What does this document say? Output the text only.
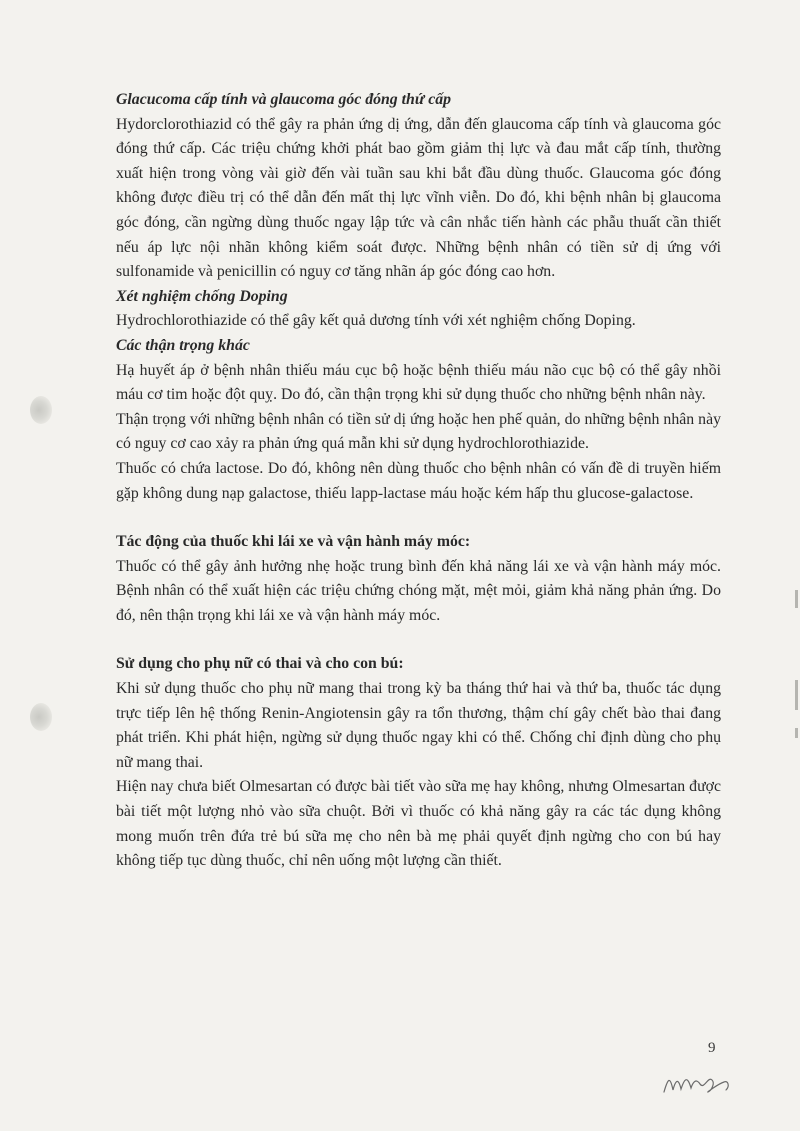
Glacucoma cấp tính và glaucoma góc đóng thứ cấp

Hydorclorothiazid có thể gây ra phản ứng dị ứng, dẫn đến glaucoma cấp tính và glaucoma góc đóng thứ cấp. Các triệu chứng khởi phát bao gồm giảm thị lực và đau mắt cấp tính, thường xuất hiện trong vòng vài giờ đến vài tuần sau khi bắt đầu dùng thuốc. Glaucoma góc đóng không được điều trị có thể dẫn đến mất thị lực vĩnh viễn. Do đó, khi bệnh nhân bị glaucoma góc đóng, cần ngừng dùng thuốc ngay lập tức và cân nhắc tiến hành các phẫu thuất cần thiết nếu áp lực nội nhãn không kiểm soát được. Những bệnh nhân có tiền sử dị ứng với sulfonamide và penicillin có nguy cơ tăng nhãn áp góc đóng cao hơn.

Xét nghiệm chống Doping

Hydrochlorothiazide có thể gây kết quả dương tính với xét nghiệm chống Doping.

Các thận trọng khác

Hạ huyết áp ở bệnh nhân thiếu máu cục bộ hoặc bệnh thiếu máu não cục bộ có thể gây nhồi máu cơ tim hoặc đột quỵ. Do đó, cần thận trọng khi sử dụng thuốc cho những bệnh nhân này.

Thận trọng với những bệnh nhân có tiền sử dị ứng hoặc hen phế quản, do những bệnh nhân này có nguy cơ cao xảy ra phản ứng quá mẫn khi sử dụng hydrochlorothiazide.

Thuốc có chứa lactose. Do đó, không nên dùng thuốc cho bệnh nhân có vấn đề di truyền hiếm gặp không dung nạp galactose, thiếu lapp-lactase máu hoặc kém hấp thu glucose-galactose.

Tác động của thuốc khi lái xe và vận hành máy móc:

Thuốc có thể gây ảnh hưởng nhẹ hoặc trung bình đến khả năng lái xe và vận hành máy móc. Bệnh nhân có thể xuất hiện các triệu chứng chóng mặt, mệt mỏi, giảm khả năng phản ứng. Do đó, nên thận trọng khi lái xe và vận hành máy móc.

Sử dụng cho phụ nữ có thai và cho con bú:

Khi sử dụng thuốc cho phụ nữ mang thai trong kỳ ba tháng thứ hai và thứ ba, thuốc tác dụng trực tiếp lên hệ thống Renin-Angiotensin gây ra tổn thương, thậm chí gây chết bào thai đang phát triển. Khi phát hiện, ngừng sử dụng thuốc ngay khi có thể. Chống chỉ định dùng cho phụ nữ mang thai.

Hiện nay chưa biết Olmesartan có được bài tiết vào sữa mẹ hay không, nhưng Olmesartan được bài tiết một lượng nhỏ vào sữa chuột. Bởi vì thuốc có khả năng gây ra các tác dụng không mong muốn trên đứa trẻ bú sữa mẹ cho nên bà mẹ phải quyết định ngừng cho con bú hay không tiếp tục dùng thuốc, chỉ nên uống một lượng cần thiết.

9
